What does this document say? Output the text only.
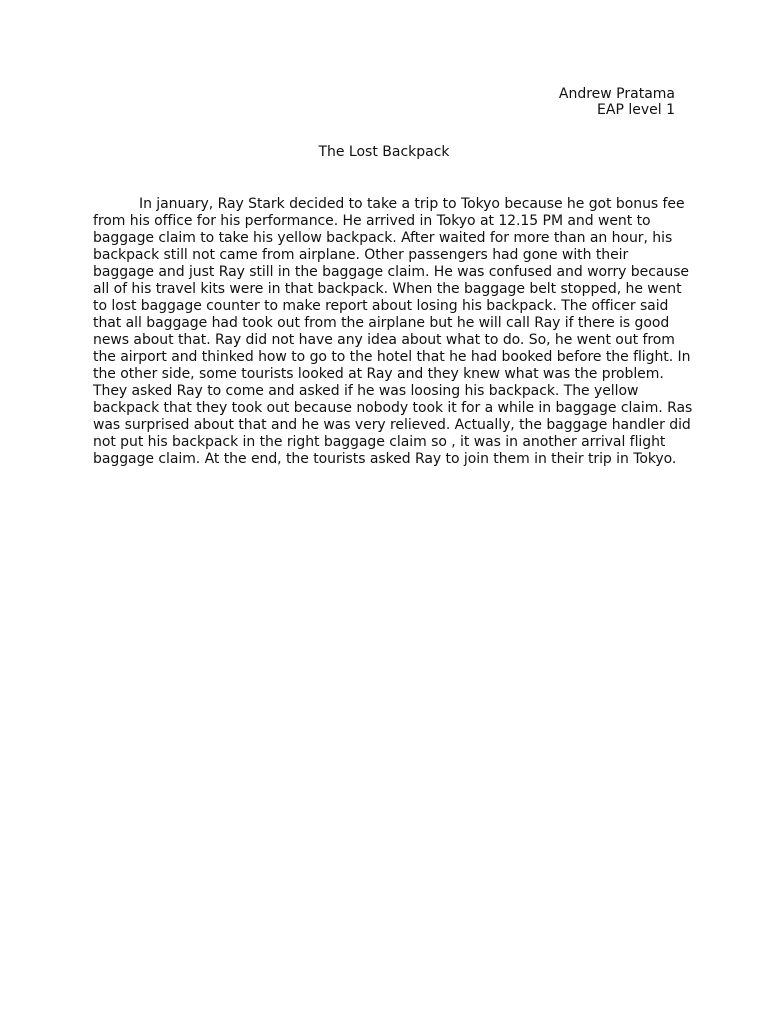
Andrew Pratama
EAP level 1
The Lost Backpack

In january, Ray Stark decided to take a trip to Tokyo because he got bonus fee from his office for his performance. He arrived in Tokyo at 12.15 PM and went to baggage claim to take his yellow backpack. After waited for more than an hour, his backpack still not came from airplane. Other passengers had gone with their baggage and just Ray still in the baggage claim. He was confused and worry because all of his travel kits were in that backpack. When the baggage belt stopped, he went to lost baggage counter to make report about losing his backpack. The officer said that all baggage had took out from the airplane but he will call Ray if there is good news about that. Ray did not have any idea about what to do. So, he went out from the airport and thinked how to go to the hotel that he had booked before the flight. In the other side, some tourists looked at Ray and they knew what was the problem. They asked Ray to come and asked if he was loosing his backpack. The yellow backpack that they took out because nobody took it for a while in baggage claim. Ras was surprised about that and he was very relieved. Actually, the baggage handler did not put his backpack in the right baggage claim so , it was in another arrival flight baggage claim. At the end, the tourists asked Ray to join them in their trip in Tokyo.
